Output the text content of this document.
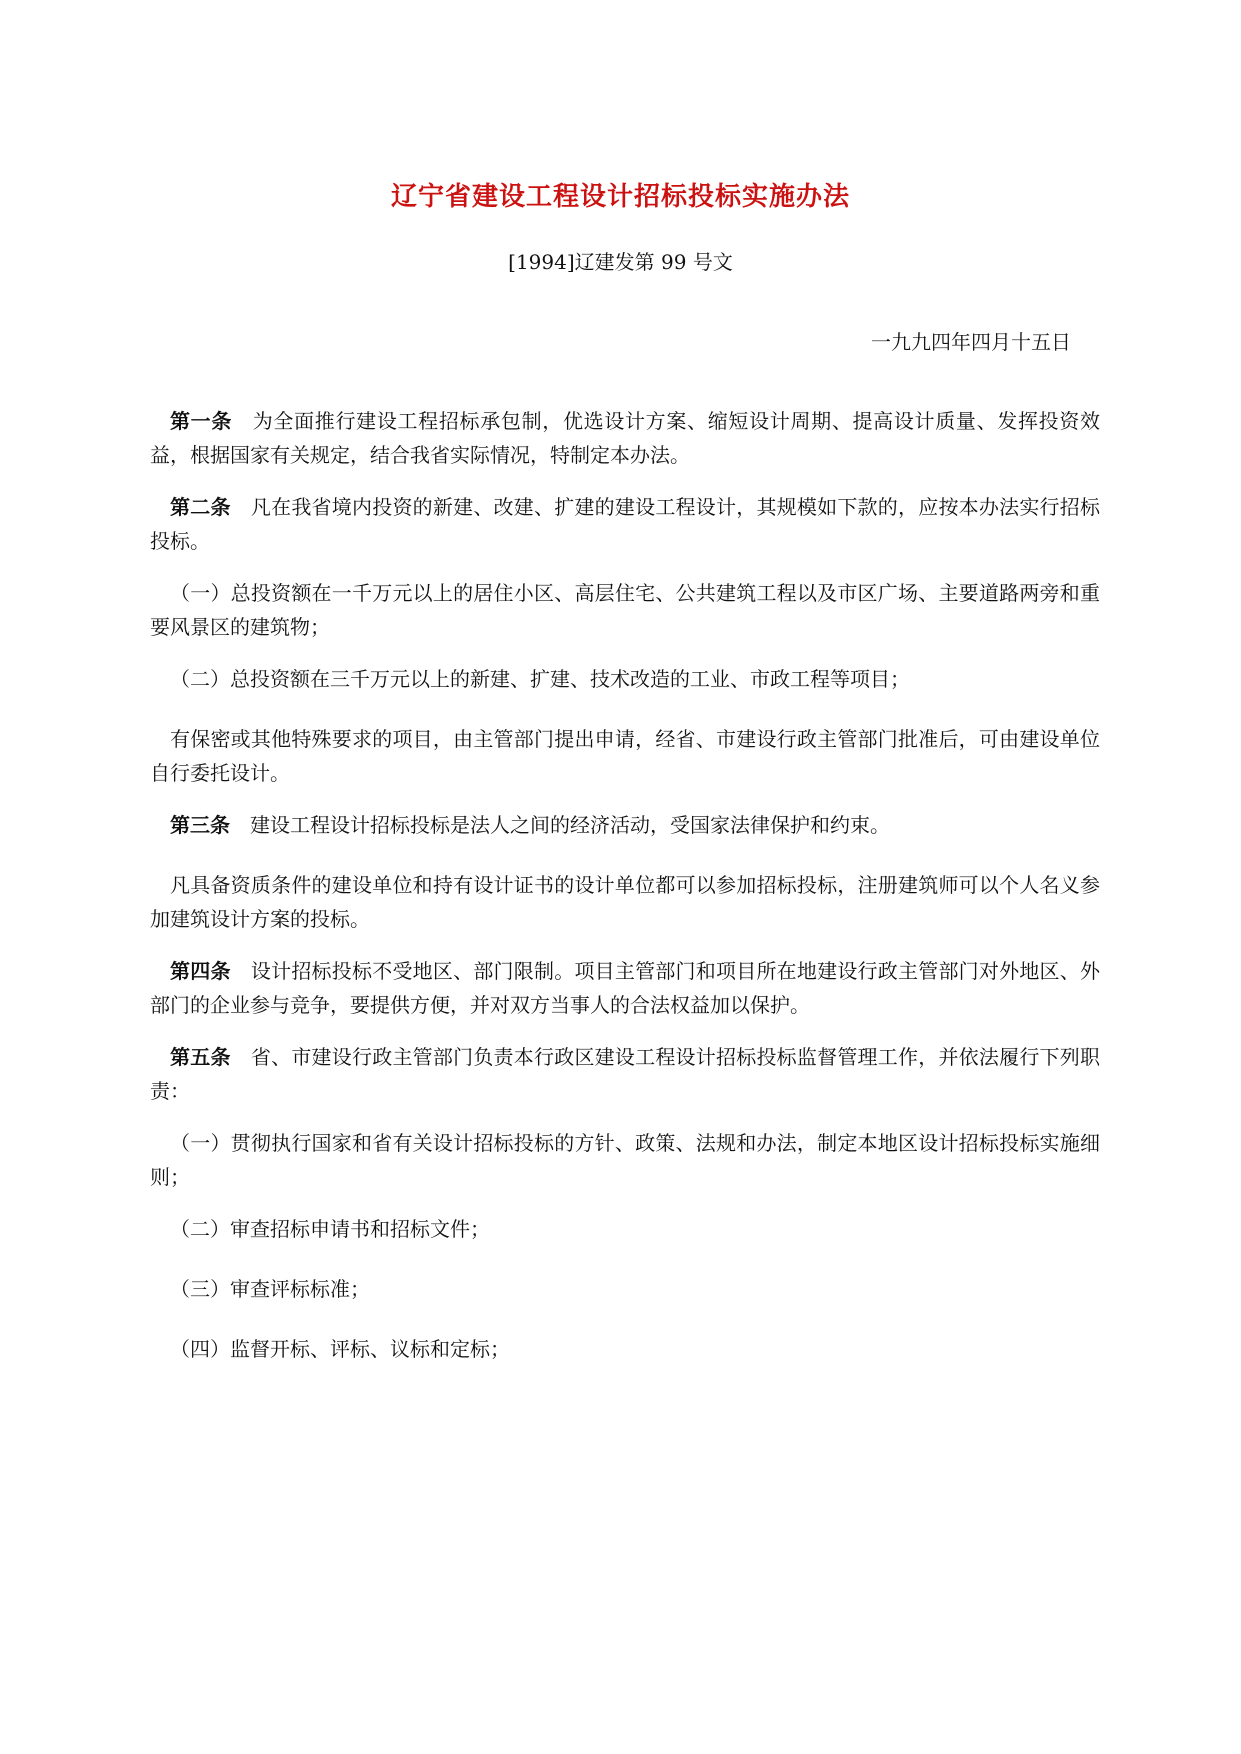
辽宁省建设工程设计招标投标实施办法
[1994]辽建发第 99 号文
一九九四年四月十五日

第一条  为全面推行建设工程招标承包制，优选设计方案、缩短设计周期、提高设计质量、发挥投资效益，根据国家有关规定，结合我省实际情况，特制定本办法。

第二条  凡在我省境内投资的新建、改建、扩建的建设工程设计，其规模如下款的，应按本办法实行招标投标。

（一）总投资额在一千万元以上的居住小区、高层住宅、公共建筑工程以及市区广场、主要道路两旁和重要风景区的建筑物；

（二）总投资额在三千万元以上的新建、扩建、技术改造的工业、市政工程等项目；

有保密或其他特殊要求的项目，由主管部门提出申请，经省、市建设行政主管部门批准后，可由建设单位自行委托设计。

第三条  建设工程设计招标投标是法人之间的经济活动，受国家法律保护和约束。

凡具备资质条件的建设单位和持有设计证书的设计单位都可以参加招标投标，注册建筑师可以个人名义参加建筑设计方案的投标。

第四条  设计招标投标不受地区、部门限制。项目主管部门和项目所在地建设行政主管部门对外地区、外部门的企业参与竞争，要提供方便，并对双方当事人的合法权益加以保护。

第五条  省、市建设行政主管部门负责本行政区建设工程设计招标投标监督管理工作，并依法履行下列职责：

（一）贯彻执行国家和省有关设计招标投标的方针、政策、法规和办法，制定本地区设计招标投标实施细则；

（二）审查招标申请书和招标文件；

（三）审查评标标准；

（四）监督开标、评标、议标和定标；
